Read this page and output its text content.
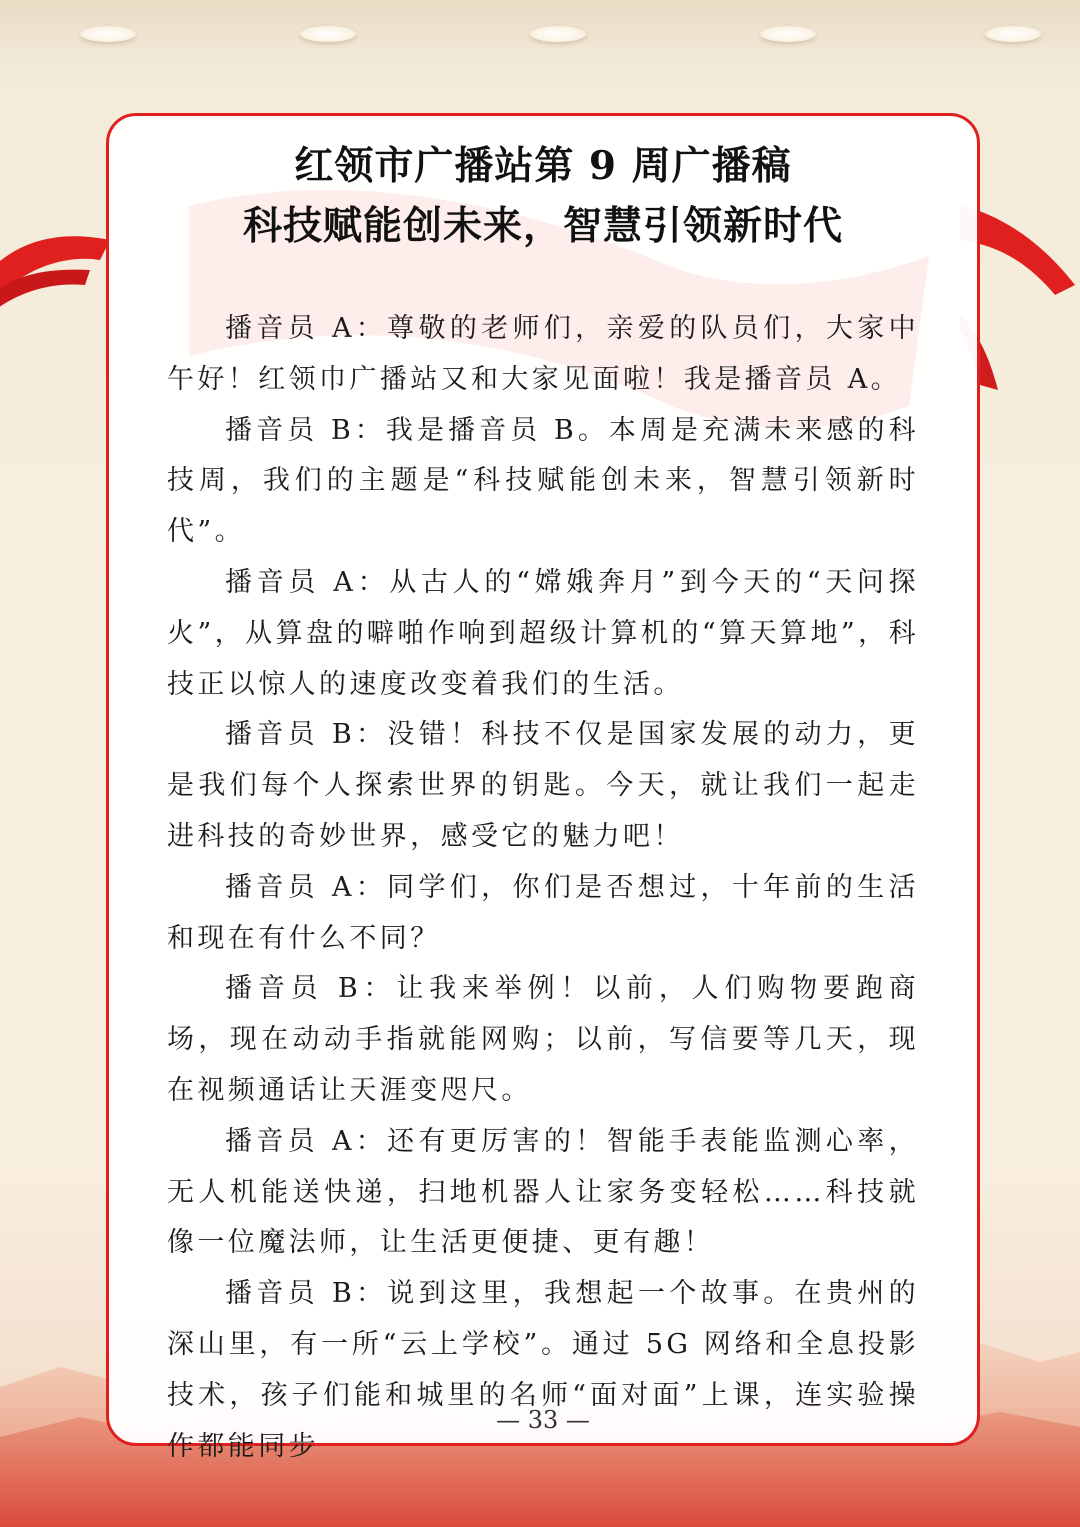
红领市广播站第 9 周广播稿
科技赋能创未来，智慧引领新时代

播音员 A：尊敬的老师们，亲爱的队员们，大家中午好！红领巾广播站又和大家见面啦！我是播音员 A。

播音员 B：我是播音员 B。本周是充满未来感的科技周，我们的主题是“科技赋能创未来，智慧引领新时代”。

播音员 A：从古人的“嫦娥奔月”到今天的“天问探火”，从算盘的噼啪作响到超级计算机的“算天算地”，科技正以惊人的速度改变着我们的生活。

播音员 B：没错！科技不仅是国家发展的动力，更是我们每个人探索世界的钥匙。今天，就让我们一起走进科技的奇妙世界，感受它的魅力吧！

播音员 A：同学们，你们是否想过，十年前的生活和现在有什么不同？

播音员 B：让我来举例！以前，人们购物要跑商场，现在动动手指就能网购；以前，写信要等几天，现在视频通话让天涯变咫尺。

播音员 A：还有更厉害的！智能手表能监测心率，无人机能送快递，扫地机器人让家务变轻松……科技就像一位魔法师，让生活更便捷、更有趣！

播音员 B：说到这里，我想起一个故事。在贵州的深山里，有一所“云上学校”。通过 5G 网络和全息投影技术，孩子们能和城里的名师“面对面”上课，连实验操作都能同步

— 33 —
